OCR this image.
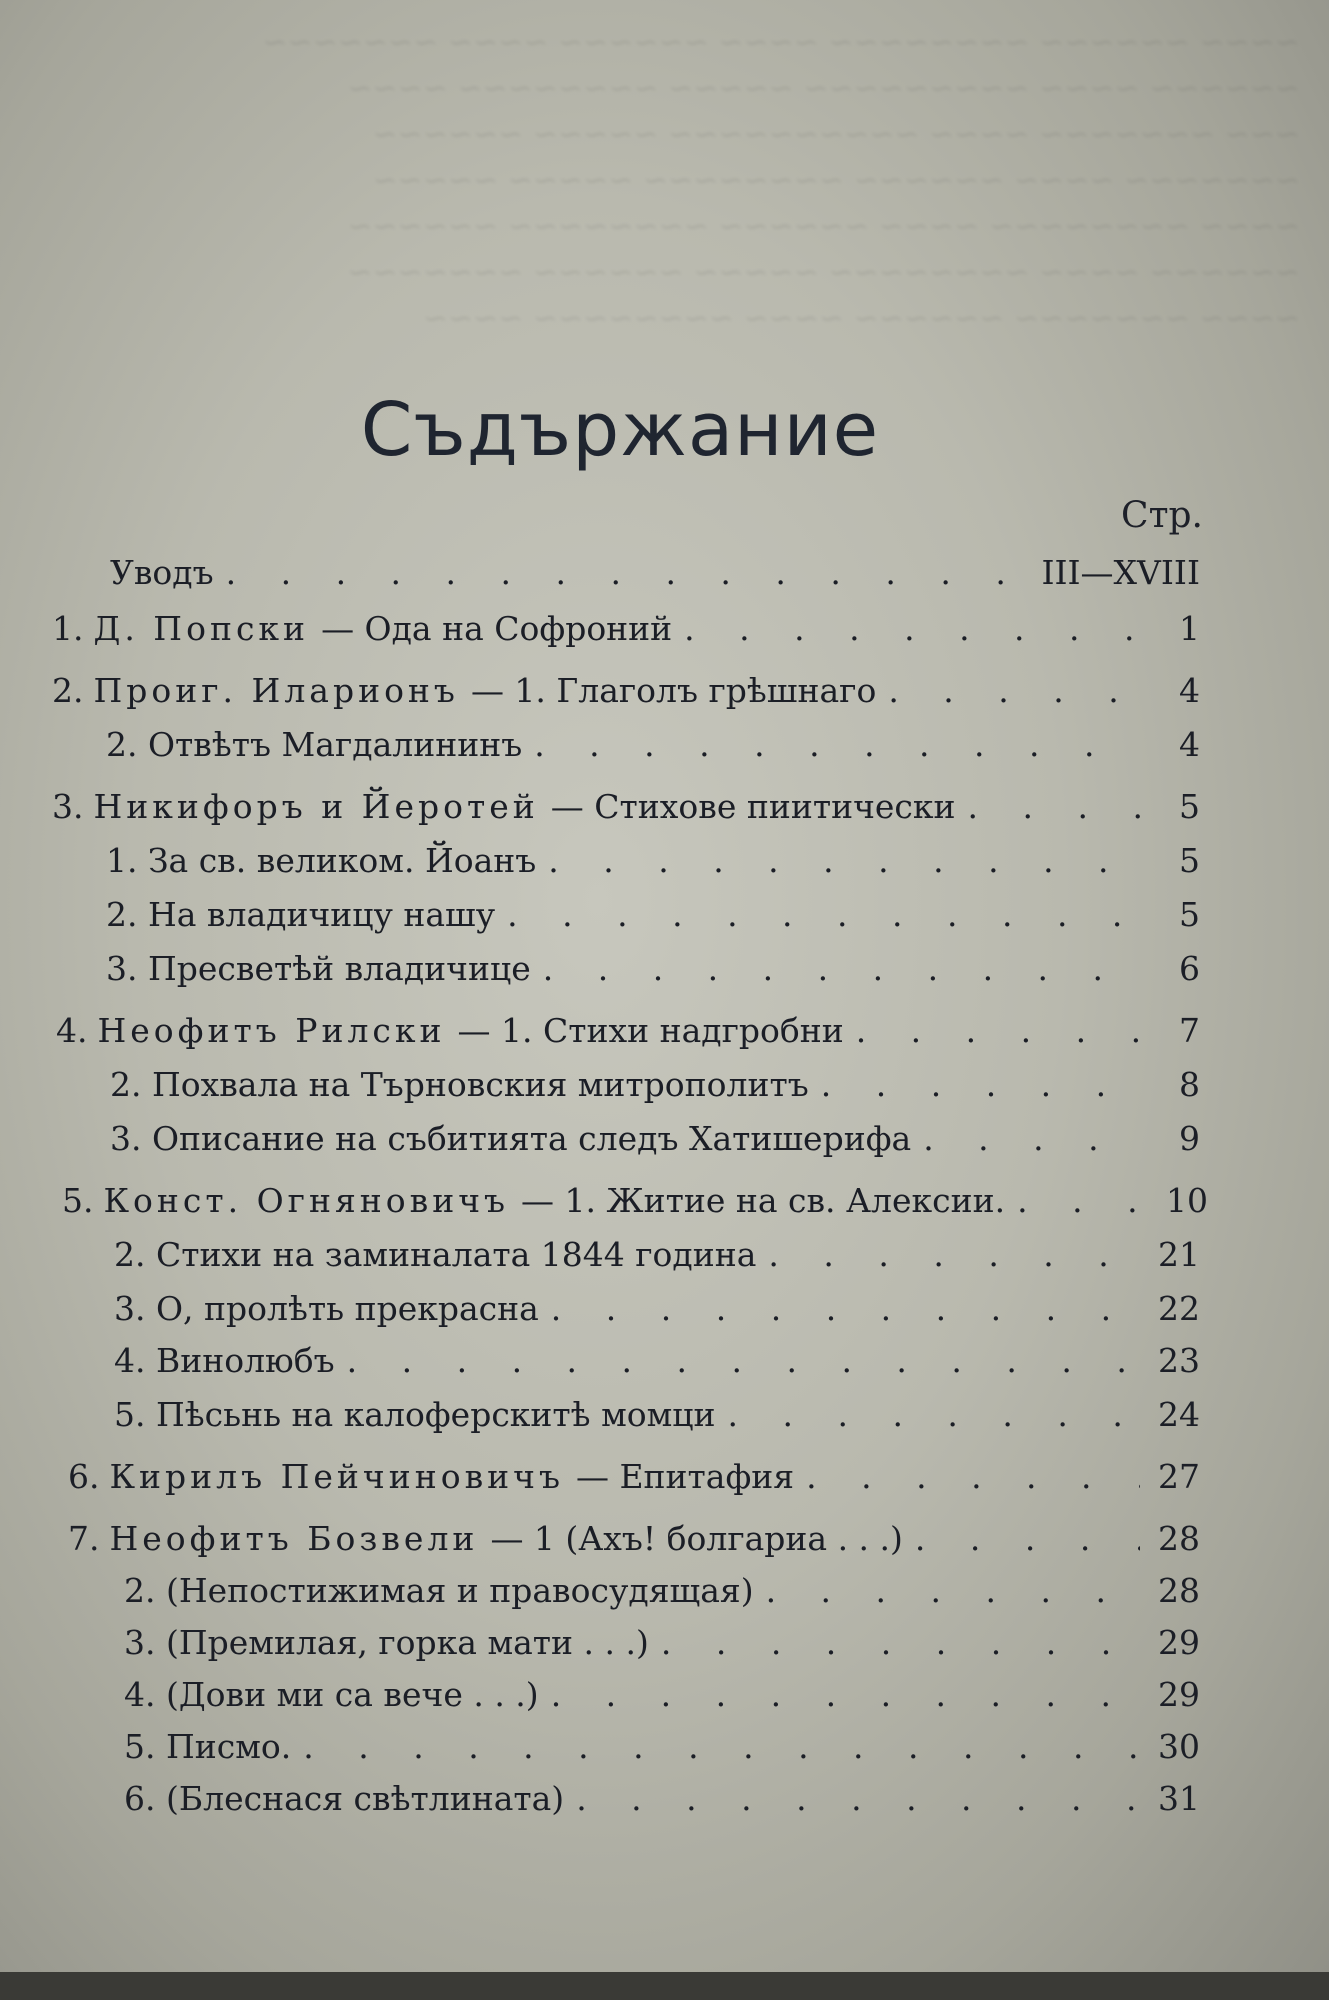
~~~~ ~~~~~~ ~~~~~~~~ ~~~~ ~~~~~~ ~~~~ ~~~~~~~
~~~~~~ ~~~~ ~~~~~~~~~ ~~~~~ ~~~~~~~~ ~~~~
~~~ ~~~~~~~ ~~~~ ~~~~~~~~~~ ~~~~~ ~~~~~~
~~~~~~~ ~~~~ ~~~~~~ ~~~~~~~~ ~~~~~ ~~~~~
~~~~ ~~~~~~~~ ~~~~ ~~~~~~ ~~~~~~~~ ~~~~~~
~~~~~~ ~~~~ ~~~~~~~~ ~~~~~ ~~~~~~ ~~~~~~~
~~~~ ~~~~~~~ ~~~~~~ ~~~~ ~~~~~~~~ ~~~~
Съдържание
Стр.
Уводъ . . .	III—XVIII
1. Д. Попски — Ода на Софроний . . .	1
2. Проиг. Иларионъ — 1. Глаголъ грѣшнаго . . .	4
2. Отвѣтъ Магдалининъ . . .	4
3. Никифоръ и Йеротей — Стихове пиитически . . .	5
1. За св. великом. Йоанъ . . .	5
2. На владичицу нашу . . .	5
3. Пресветѣй владичице . . .	6
4. Неофитъ Рилски — 1. Стихи надгробни . . .	7
2. Похвала на Търновския митрополитъ . . .	8
3. Описание на събитията следъ Хатишерифа . . .	9
5. Конст. Огняновичъ — 1. Житие на св. Алексии. . . .	10
2. Стихи на заминалата 1844 година . . .	21
3. О, пролѣть прекрасна . . .	22
4. Винолюбъ . . .	23
5. Пѣсьнь на калоферскитѣ момци . . .	24
6. Кирилъ Пейчиновичъ — Епитафия . . .	27
7. Неофитъ Бозвели — 1 (Ахъ! болгариа . . .) . . .	28
2. (Непостижимая и правосудящая) . . .	28
3. (Премилая, горка мати . . .) . . .	29
4. (Дови ми са вече . . .) . . .	29
5. Писмо. . . .	30
6. (Блеснася свѣтлината) . . .	31
